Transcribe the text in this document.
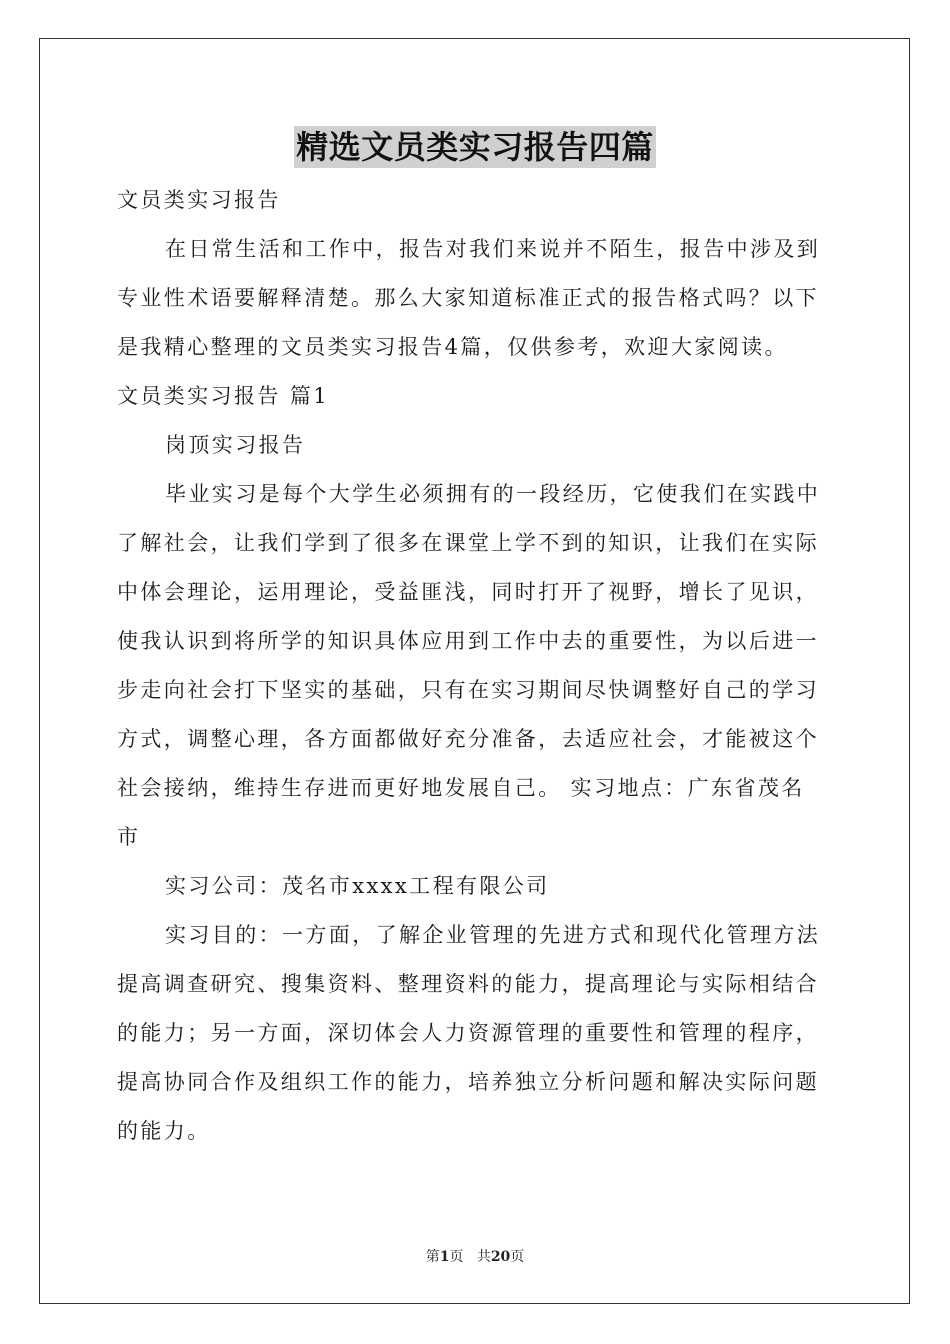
精选文员类实习报告四篇
文员类实习报告
在日常生活和工作中，报告对我们来说并不陌生，报告中涉及到
专业性术语要解释清楚。那么大家知道标准正式的报告格式吗？以下
是我精心整理的文员类实习报告4篇，仅供参考，欢迎大家阅读。
文员类实习报告 篇1
岗顶实习报告
毕业实习是每个大学生必须拥有的一段经历，它使我们在实践中
了解社会，让我们学到了很多在课堂上学不到的知识，让我们在实际
中体会理论，运用理论，受益匪浅，同时打开了视野，增长了见识，
使我认识到将所学的知识具体应用到工作中去的重要性，为以后进一
步走向社会打下坚实的基础，只有在实习期间尽快调整好自己的学习
方式，调整心理，各方面都做好充分准备，去适应社会，才能被这个
社会接纳，维持生存进而更好地发展自己。 实习地点：广东省茂名
市
实习公司：茂名市xxxx工程有限公司
实习目的：一方面，了解企业管理的先进方式和现代化管理方法
提高调查研究、搜集资料、整理资料的能力，提高理论与实际相结合
的能力；另一方面，深切体会人力资源管理的重要性和管理的程序，
提高协同合作及组织工作的能力，培养独立分析问题和解决实际问题
的能力。
第1页 共20页
